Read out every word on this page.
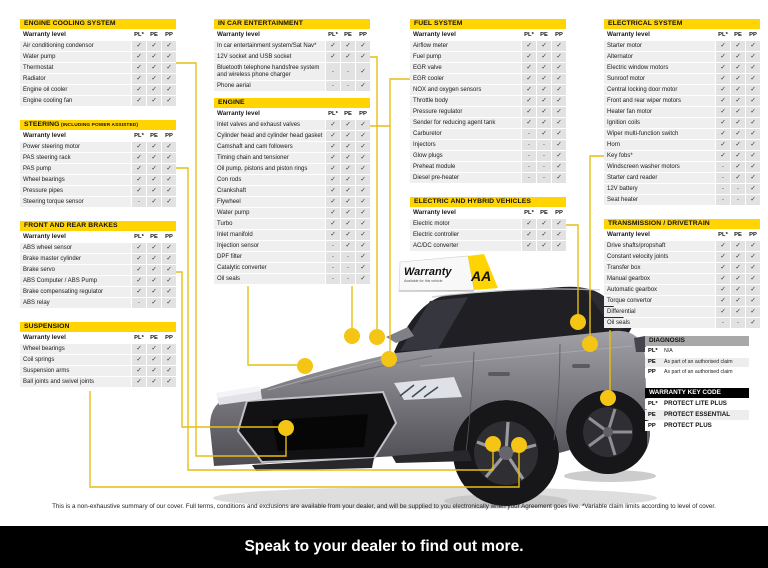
Warranty
Available for this vehicle AA
ENGINE COOLING SYSTEM
Warranty level	PL*	PE	PP
Air conditioning condensor	✓	✓	✓
Water pump	✓	✓	✓
Thermostat	✓	✓	✓
Radiator	✓	✓	✓
Engine oil cooler	✓	✓	✓
Engine cooling fan	✓	✓	✓
STEERING (INCLUDING POWER ASSISTED)
Warranty level	PL*	PE	PP
Power steering motor	✓	✓	✓
PAS steering rack	✓	✓	✓
PAS pump	✓	✓	✓
Wheel bearings	✓	✓	✓
Pressure pipes	✓	✓	✓
Steering torque sensor	-	✓	✓
FRONT AND REAR BRAKES
Warranty level	PL*	PE	PP
ABS wheel sensor	✓	✓	✓
Brake master cylinder	✓	✓	✓
Brake servo	✓	✓	✓
ABS Computer / ABS Pump	✓	✓	✓
Brake compensating regulator	✓	✓	✓
ABS relay	-	✓	✓
SUSPENSION
Warranty level	PL*	PE	PP
Wheel bearings	✓	✓	✓
Coil springs	✓	✓	✓
Suspension arms	✓	✓	✓
Ball joints and swivel joints	✓	✓	✓
IN CAR ENTERTAINMENT
Warranty level	PL*	PE	PP
In car entertainment system/Sat Nav*	✓	✓	✓
12V socket and USB socket	✓	✓	✓
Bluetooth telephone handsfree system and wireless phone charger	-	-	✓
Phone aerial	-	-	✓
ENGINE
Warranty level	PL*	PE	PP
Inlet valves and exhaust valves	✓	✓	✓
Cylinder head and cylinder head gasket	✓	✓	✓
Camshaft and cam followers	✓	✓	✓
Timing chain and tensioner	✓	✓	✓
Oil pump, pistons and piston rings	✓	✓	✓
Con rods	✓	✓	✓
Crankshaft	✓	✓	✓
Flywheel	✓	✓	✓
Water pump	✓	✓	✓
Turbo	✓	✓	✓
Inlet manifold	✓	✓	✓
Injection sensor	-	✓	✓
DPF filter	-	-	✓
Catalytic converter	-	-	✓
Oil seals	-	-	✓
FUEL SYSTEM
Warranty level	PL*	PE	PP
Airflow meter	✓	✓	✓
Fuel pump	✓	✓	✓
EGR valve	✓	✓	✓
EGR cooler	✓	✓	✓
NOX and oxygen sensors	✓	✓	✓
Throttle body	✓	✓	✓
Pressure regulator	✓	✓	✓
Sender for reducing agent tank	✓	✓	✓
Carburetor	-	✓	✓
Injectors	-	-	✓
Glow plugs	-	-	✓
Preheat module	-	-	✓
Diesel pre-heater	-	-	✓
ELECTRIC AND HYBRID VEHICLES
Warranty level	PL*	PE	PP
Electric motor	✓	✓	✓
Electric controller	✓	✓	✓
AC/DC converter	✓	✓	✓
ELECTRICAL SYSTEM
Warranty level	PL*	PE	PP
Starter motor	✓	✓	✓
Alternator	✓	✓	✓
Electric window motors	✓	✓	✓
Sunroof motor	✓	✓	✓
Central locking door motor	✓	✓	✓
Front and rear wiper motors	✓	✓	✓
Heater fan motor	✓	✓	✓
Ignition coils	✓	✓	✓
Wiper multi-function switch	✓	✓	✓
Horn	✓	✓	✓
Key fobs*	✓	✓	✓
Windscreen washer motors	-	✓	✓
Starter card reader	-	✓	✓
12V battery	-	-	✓
Seat heater	-	-	✓
TRANSMISSION / DRIVETRAIN
Warranty level	PL*	PE	PP
Drive shafts/propshaft	✓	✓	✓
Constant velocity joints	✓	✓	✓
Transfer box	✓	✓	✓
Manual gearbox	✓	✓	✓
Automatic gearbox	✓	✓	✓
Torque convertor	✓	✓	✓
Differential	✓	✓	✓
Oil seals	-	-	✓
DIAGNOSIS
PL*	N/A
PE	As part of an authorised claim
PP	As part of an authorised claim
WARRANTY KEY CODE
PL*	PROTECT LITE PLUS
PE	PROTECT ESSENTIAL
PP	PROTECT PLUS
This is a non-exhaustive summary of our cover. Full terms, conditions and exclusions are available from your dealer, and will be supplied to you electronically when your Agreement goes live. *Variable claim limits according to level of cover.
Speak to your dealer to find out more.
